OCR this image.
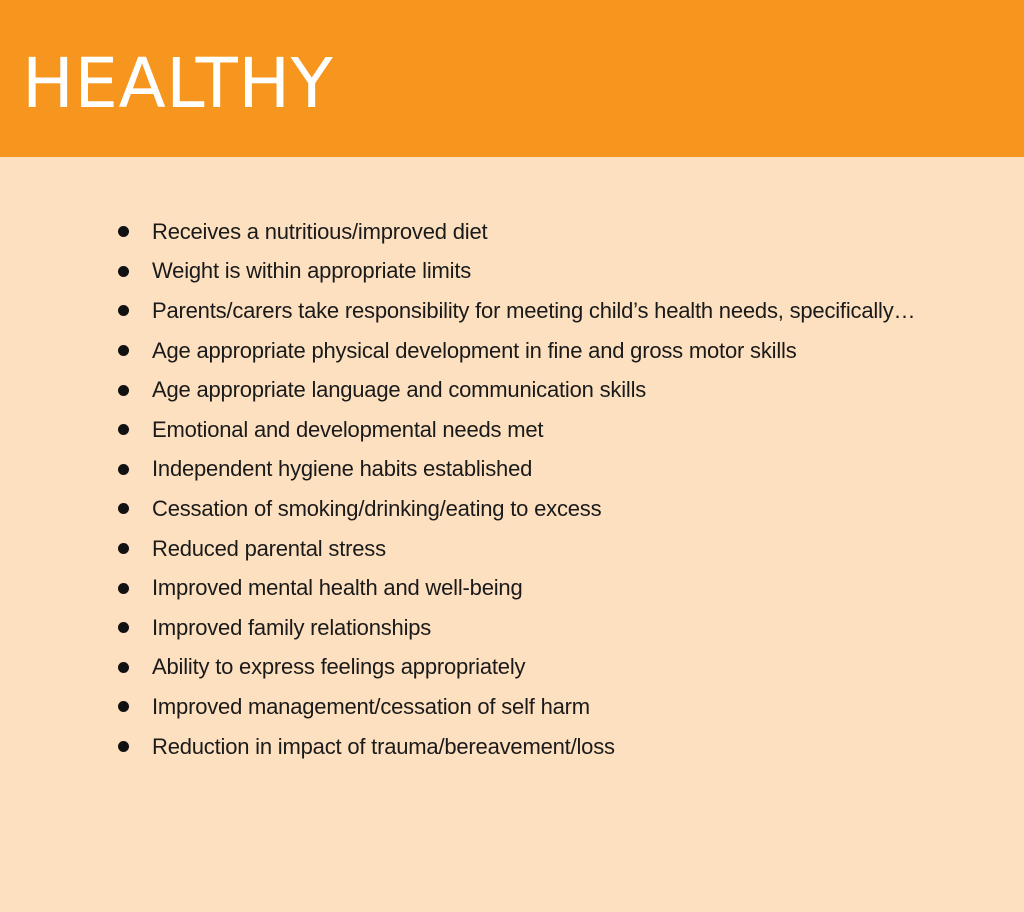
HEALTHY
Receives a nutritious/improved diet
Weight is within appropriate limits
Parents/carers take responsibility for meeting child’s health needs, specifically…
Age appropriate physical development in fine and gross motor skills
Age appropriate language and communication skills
Emotional and developmental needs met
Independent hygiene habits established
Cessation of smoking/drinking/eating to excess
Reduced parental stress
Improved mental health and well-being
Improved family relationships
Ability to express feelings appropriately
Improved management/cessation of self harm
Reduction in impact of trauma/bereavement/loss
